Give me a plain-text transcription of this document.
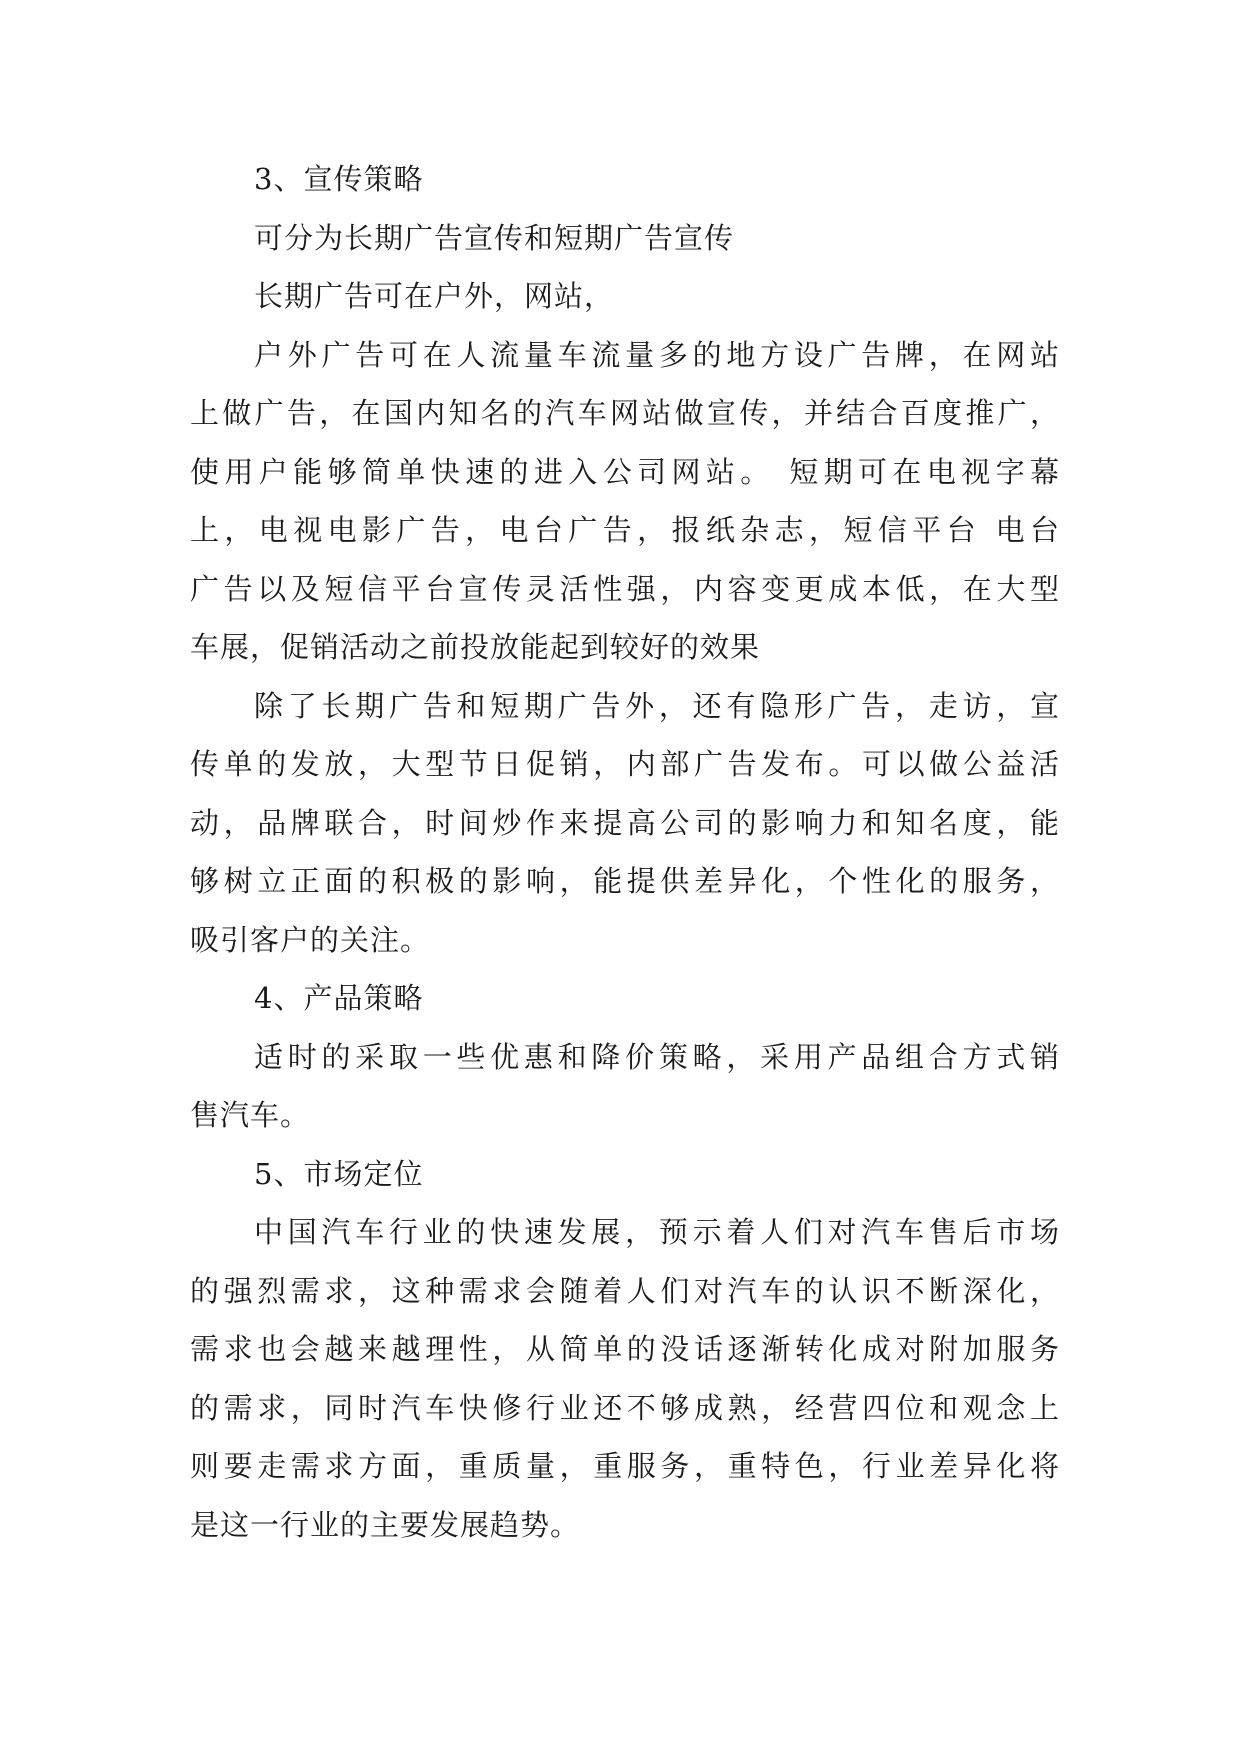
3、宣传策略
可分为长期广告宣传和短期广告宣传
长期广告可在户外，网站，
户外广告可在人流量车流量多的地方设广告牌，在网站
上做广告，在国内知名的汽车网站做宣传，并结合百度推广，
使用户能够简单快速的进入公司网站。 短期可在电视字幕
上，电视电影广告，电台广告，报纸杂志，短信平台 电台
广告以及短信平台宣传灵活性强，内容变更成本低，在大型
车展，促销活动之前投放能起到较好的效果
除了长期广告和短期广告外，还有隐形广告，走访，宣
传单的发放，大型节日促销，内部广告发布。可以做公益活
动，品牌联合，时间炒作来提高公司的影响力和知名度，能
够树立正面的积极的影响，能提供差异化，个性化的服务，
吸引客户的关注。
4、产品策略
适时的采取一些优惠和降价策略，采用产品组合方式销
售汽车。
5、市场定位
中国汽车行业的快速发展，预示着人们对汽车售后市场
的强烈需求，这种需求会随着人们对汽车的认识不断深化，
需求也会越来越理性，从简单的没话逐渐转化成对附加服务
的需求，同时汽车快修行业还不够成熟，经营四位和观念上
则要走需求方面，重质量，重服务，重特色，行业差异化将
是这一行业的主要发展趋势。
